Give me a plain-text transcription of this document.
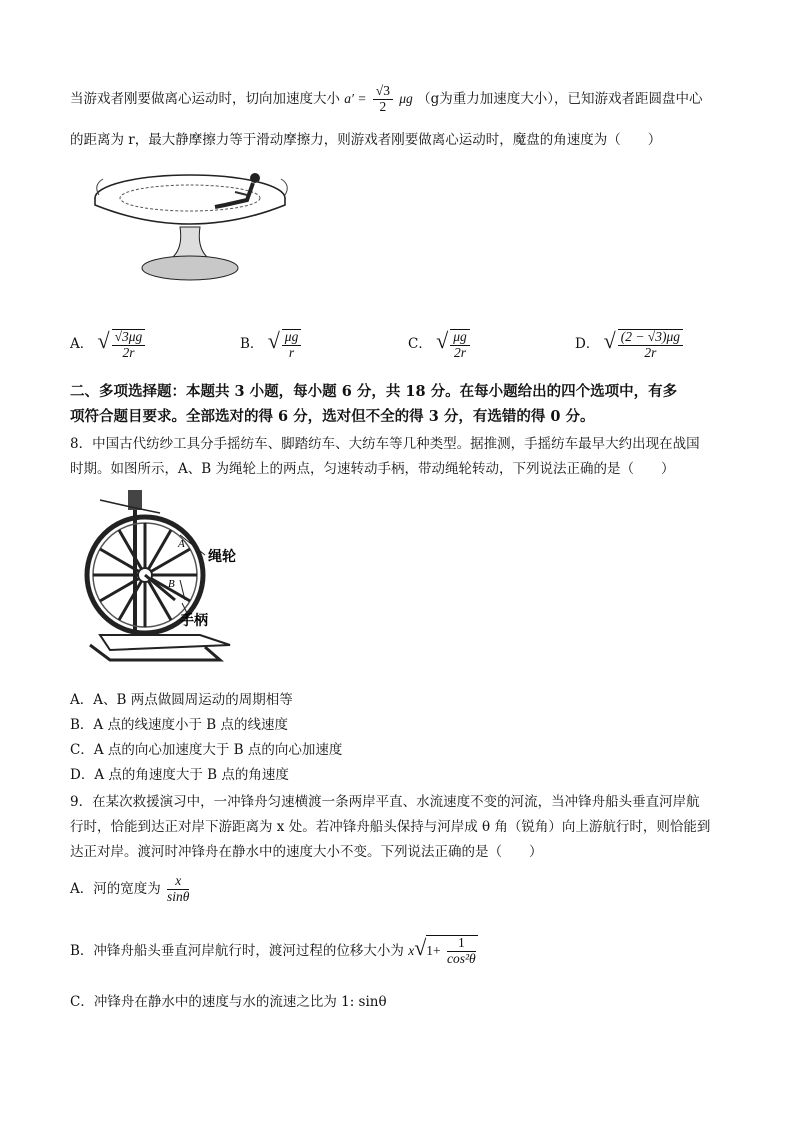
当游戏者刚要做离心运动时，切向加速度大小 $a' = \frac{√3}{2}$ μg （g为重力加速度大小），已知游戏者距圆盘中心
的距离为 r，最大静摩擦力等于滑动摩擦力，则游戏者刚要做离心运动时，魔盘的角速度为（　　）
A． √ $\frac{√3\mu g}{2r}$	B． √ $\frac{\mu g}{r}$	C． √ $\frac{\mu g}{2r}$	D． √ $\frac{(2 - √3)\mu g}{2r}$
二、多项选择题：本题共 3 小题，每小题 6 分，共 18 分。在每小题给出的四个选项中，有多
项符合题目要求。全部选对的得 6 分，选对但不全的得 3 分，有选错的得 0 分。
8．中国古代纺纱工具分手摇纺车、脚踏纺车、大纺车等几种类型。据推测，手摇纺车最早大约出现在战国
时期。如图所示，A、B 为绳轮上的两点，匀速转动手柄，带动绳轮转动，下列说法正确的是（　　）
A
B
绳轮
手柄
A．A、B 两点做圆周运动的周期相等
B．A 点的线速度小于 B 点的线速度
C．A 点的向心加速度大于 B 点的向心加速度
D．A 点的角速度大于 B 点的角速度
9．在某次救援演习中，一冲锋舟匀速横渡一条两岸平直、水流速度不变的河流，当冲锋舟船头垂直河岸航
行时，恰能到达正对岸下游距离为 x 处。若冲锋舟船头保持与河岸成 θ 角（锐角）向上游航行时，则恰能到
达正对岸。渡河时冲锋舟在静水中的速度大小不变。下列说法正确的是（　　）
A．河的宽度为 $\frac{x}{\sin\theta}$
B．冲锋舟船头垂直河岸航行时，渡河过程的位移大小为 $x√1+ \frac{1}{\text{cos²θ}}$
C．冲锋舟在静水中的速度与水的流速之比为 1: sinθ
